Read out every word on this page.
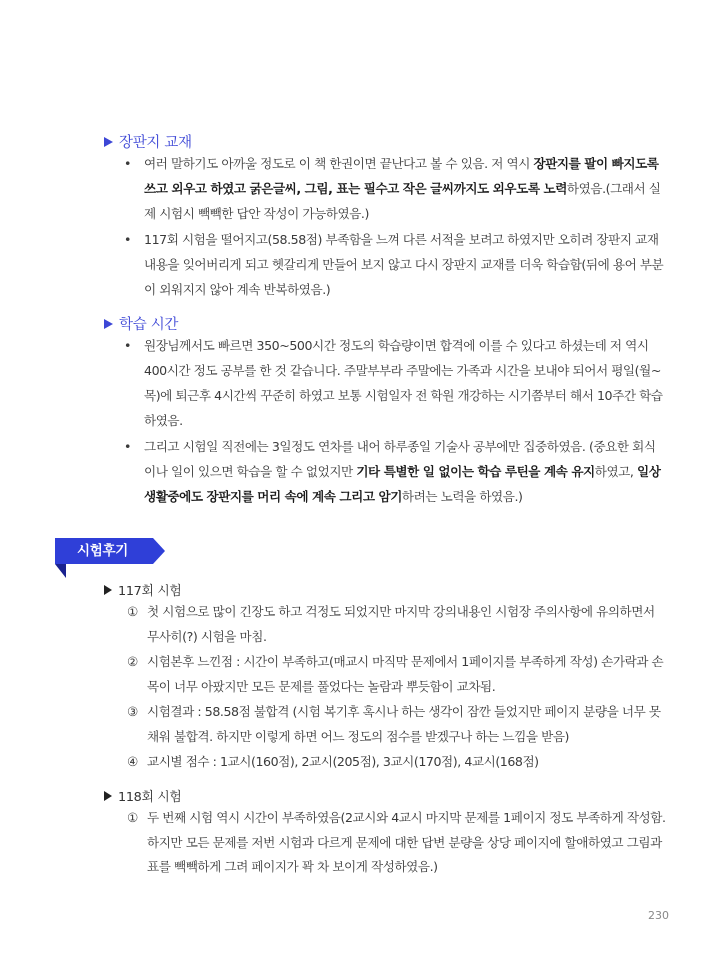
장판지 교재
• 여러 말하기도 아까울 정도로 이 책 한권이면 끝난다고 볼 수 있음. 저 역시 장판지를 팔이 빠지도록 쓰고 외우고 하였고 굵은글씨, 그림, 표는 필수고 작은 글씨까지도 외우도록 노력하였음.(그래서 실제 시험시 빽빽한 답안 작성이 가능하였음.)
• 117회 시험을 떨어지고(58.58점) 부족함을 느껴 다른 서적을 보려고 하였지만 오히려 장판지 교재 내용을 잊어버리게 되고 헷갈리게 만들어 보지 않고 다시 장판지 교재를 더욱 학습함(뒤에 용어 부분이 외워지지 않아 계속 반복하였음.)
학습 시간
• 원장님께서도 빠르면 350~500시간 정도의 학습량이면 합격에 이를 수 있다고 하셨는데 저 역시 400시간 정도 공부를 한 것 같습니다. 주말부부라 주말에는 가족과 시간을 보내야 되어서 평일(월~목)에 퇴근후 4시간씩 꾸준히 하였고 보통 시험일자 전 학원 개강하는 시기쯤부터 해서 10주간 학습하였음.
• 그리고 시험일 직전에는 3일정도 연차를 내어 하루종일 기술사 공부에만 집중하였음. (중요한 회식이나 일이 있으면 학습을 할 수 없었지만 기타 특별한 일 없이는 학습 루틴을 계속 유지하였고, 일상 생활중에도 장판지를 머리 속에 계속 그리고 암기하려는 노력을 하였음.)
시험후기
117회 시험
① 첫 시험으로 많이 긴장도 하고 걱정도 되었지만 마지막 강의내용인 시험장 주의사항에 유의하면서 무사히(?) 시험을 마침.
② 시험본후 느낀점 : 시간이 부족하고(매교시 마직막 문제에서 1페이지를 부족하게 작성) 손가락과 손목이 너무 아팠지만 모든 문제를 풀었다는 놀람과 뿌듯함이 교차됨.
③ 시험결과 : 58.58점 불합격 (시험 복기후 혹시나 하는 생각이 잠깐 들었지만 페이지 분량을 너무 못채워 불합격. 하지만 이렇게 하면 어느 정도의 점수를 받겠구나 하는 느낌을 받음)
④ 교시별 점수 : 1교시(160점), 2교시(205점), 3교시(170점), 4교시(168점)
118회 시험
① 두 번째 시험 역시 시간이 부족하였음(2교시와 4교시 마지막 문제를 1페이지 정도 부족하게 작성함. 하지만 모든 문제를 저번 시험과 다르게 문제에 대한 답변 분량을 상당 페이지에 할애하였고 그림과 표를 빽빽하게 그려 페이지가 꽉 차 보이게 작성하였음.)
230
